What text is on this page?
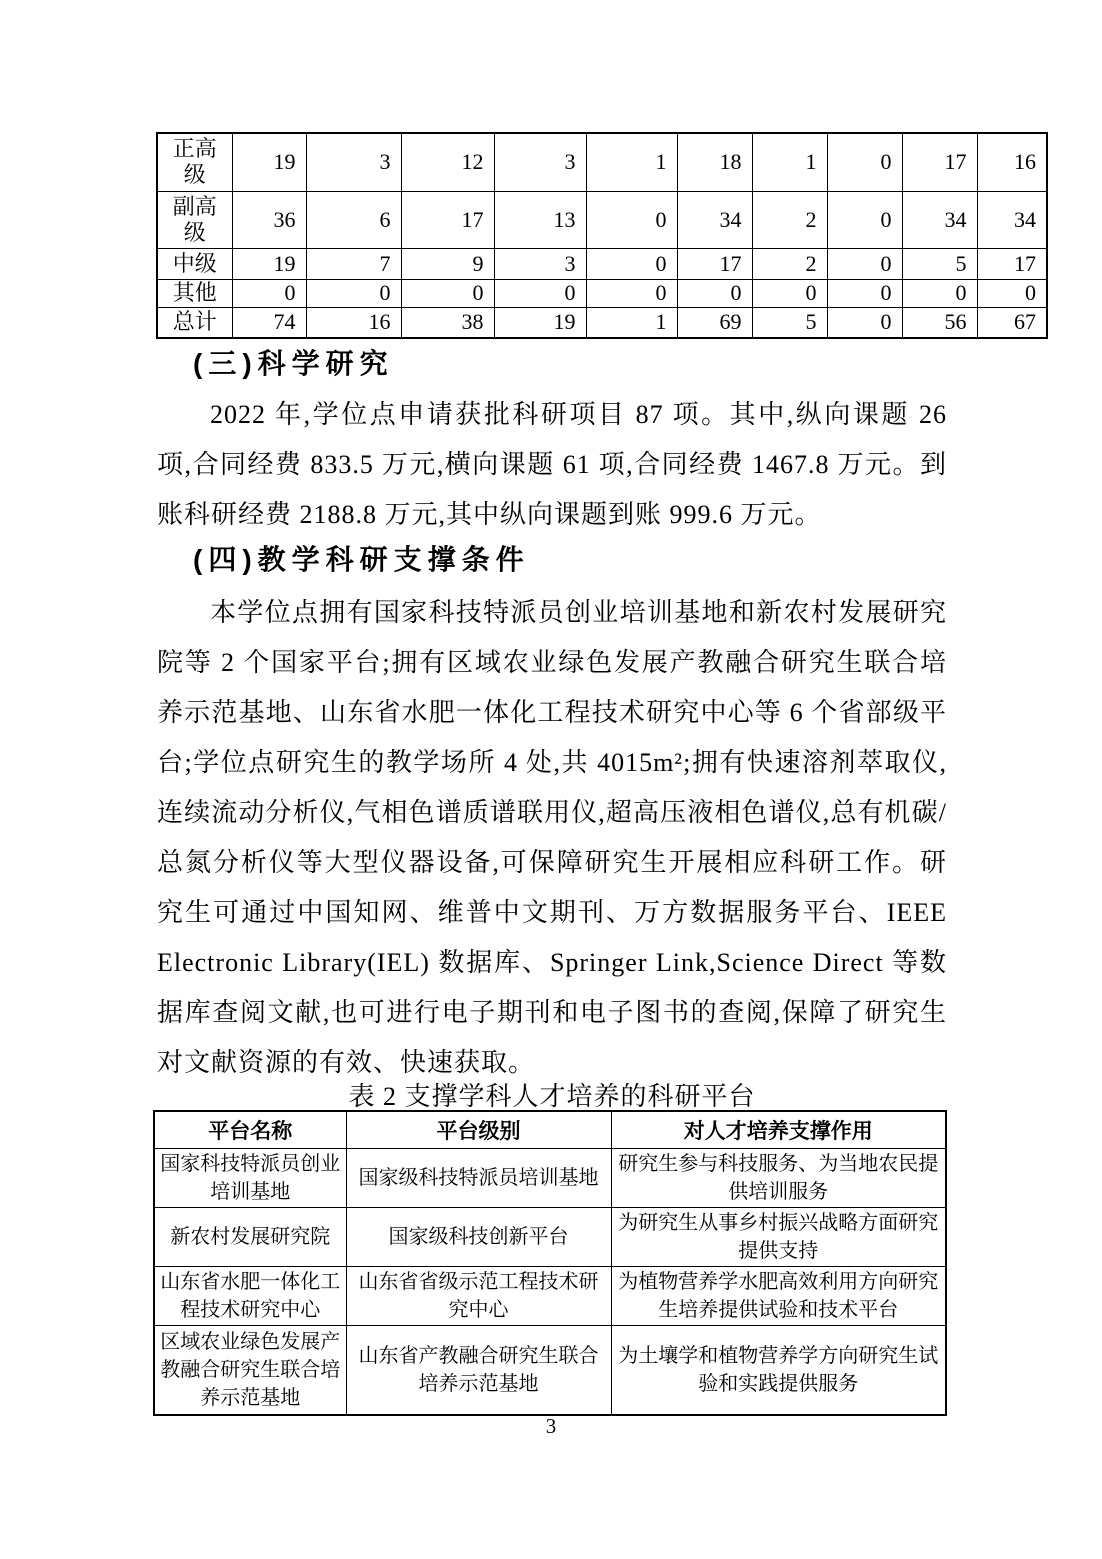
正高级	19	3	12	3	1	18	1	0	17	16
副高级	36	6	17	13	0	34	2	0	34	34
中级	19	7	9	3	0	17	2	0	5	17
其他	0	0	0	0	0	0	0	0	0	0
总计	74	16	38	19	1	69	5	0	56	67
(三)科学研究

2022 年,学位点申请获批科研项目 87 项。其中,纵向课题 26 项,合同经费 833.5 万元,横向课题 61 项,合同经费 1467.8 万元。到账科研经费 2188.8 万元,其中纵向课题到账 999.6 万元。

(四)教学科研支撑条件

本学位点拥有国家科技特派员创业培训基地和新农村发展研究院等 2 个国家平台;拥有区域农业绿色发展产教融合研究生联合培养示范基地、山东省水肥一体化工程技术研究中心等 6 个省部级平台;学位点研究生的教学场所 4 处,共 4015m²;拥有快速溶剂萃取仪,连续流动分析仪,气相色谱质谱联用仪,超高压液相色谱仪,总有机碳/总氮分析仪等大型仪器设备,可保障研究生开展相应科研工作。研究生可通过中国知网、维普中文期刊、万方数据服务平台、IEEE Electronic Library(IEL) 数据库、Springer Link,Science Direct 等数据库查阅文献,也可进行电子期刊和电子图书的查阅,保障了研究生对文献资源的有效、快速获取。

表 2 支撑学科人才培养的科研平台
平台名称	平台级别	对人才培养支撑作用
国家科技特派员创业培训基地	国家级科技特派员培训基地	研究生参与科技服务、为当地农民提供培训服务
新农村发展研究院	国家级科技创新平台	为研究生从事乡村振兴战略方面研究提供支持
山东省水肥一体化工程技术研究中心	山东省省级示范工程技术研究中心	为植物营养学水肥高效利用方向研究生培养提供试验和技术平台
区域农业绿色发展产教融合研究生联合培养示范基地	山东省产教融合研究生联合培养示范基地	为土壤学和植物营养学方向研究生试验和实践提供服务
3
